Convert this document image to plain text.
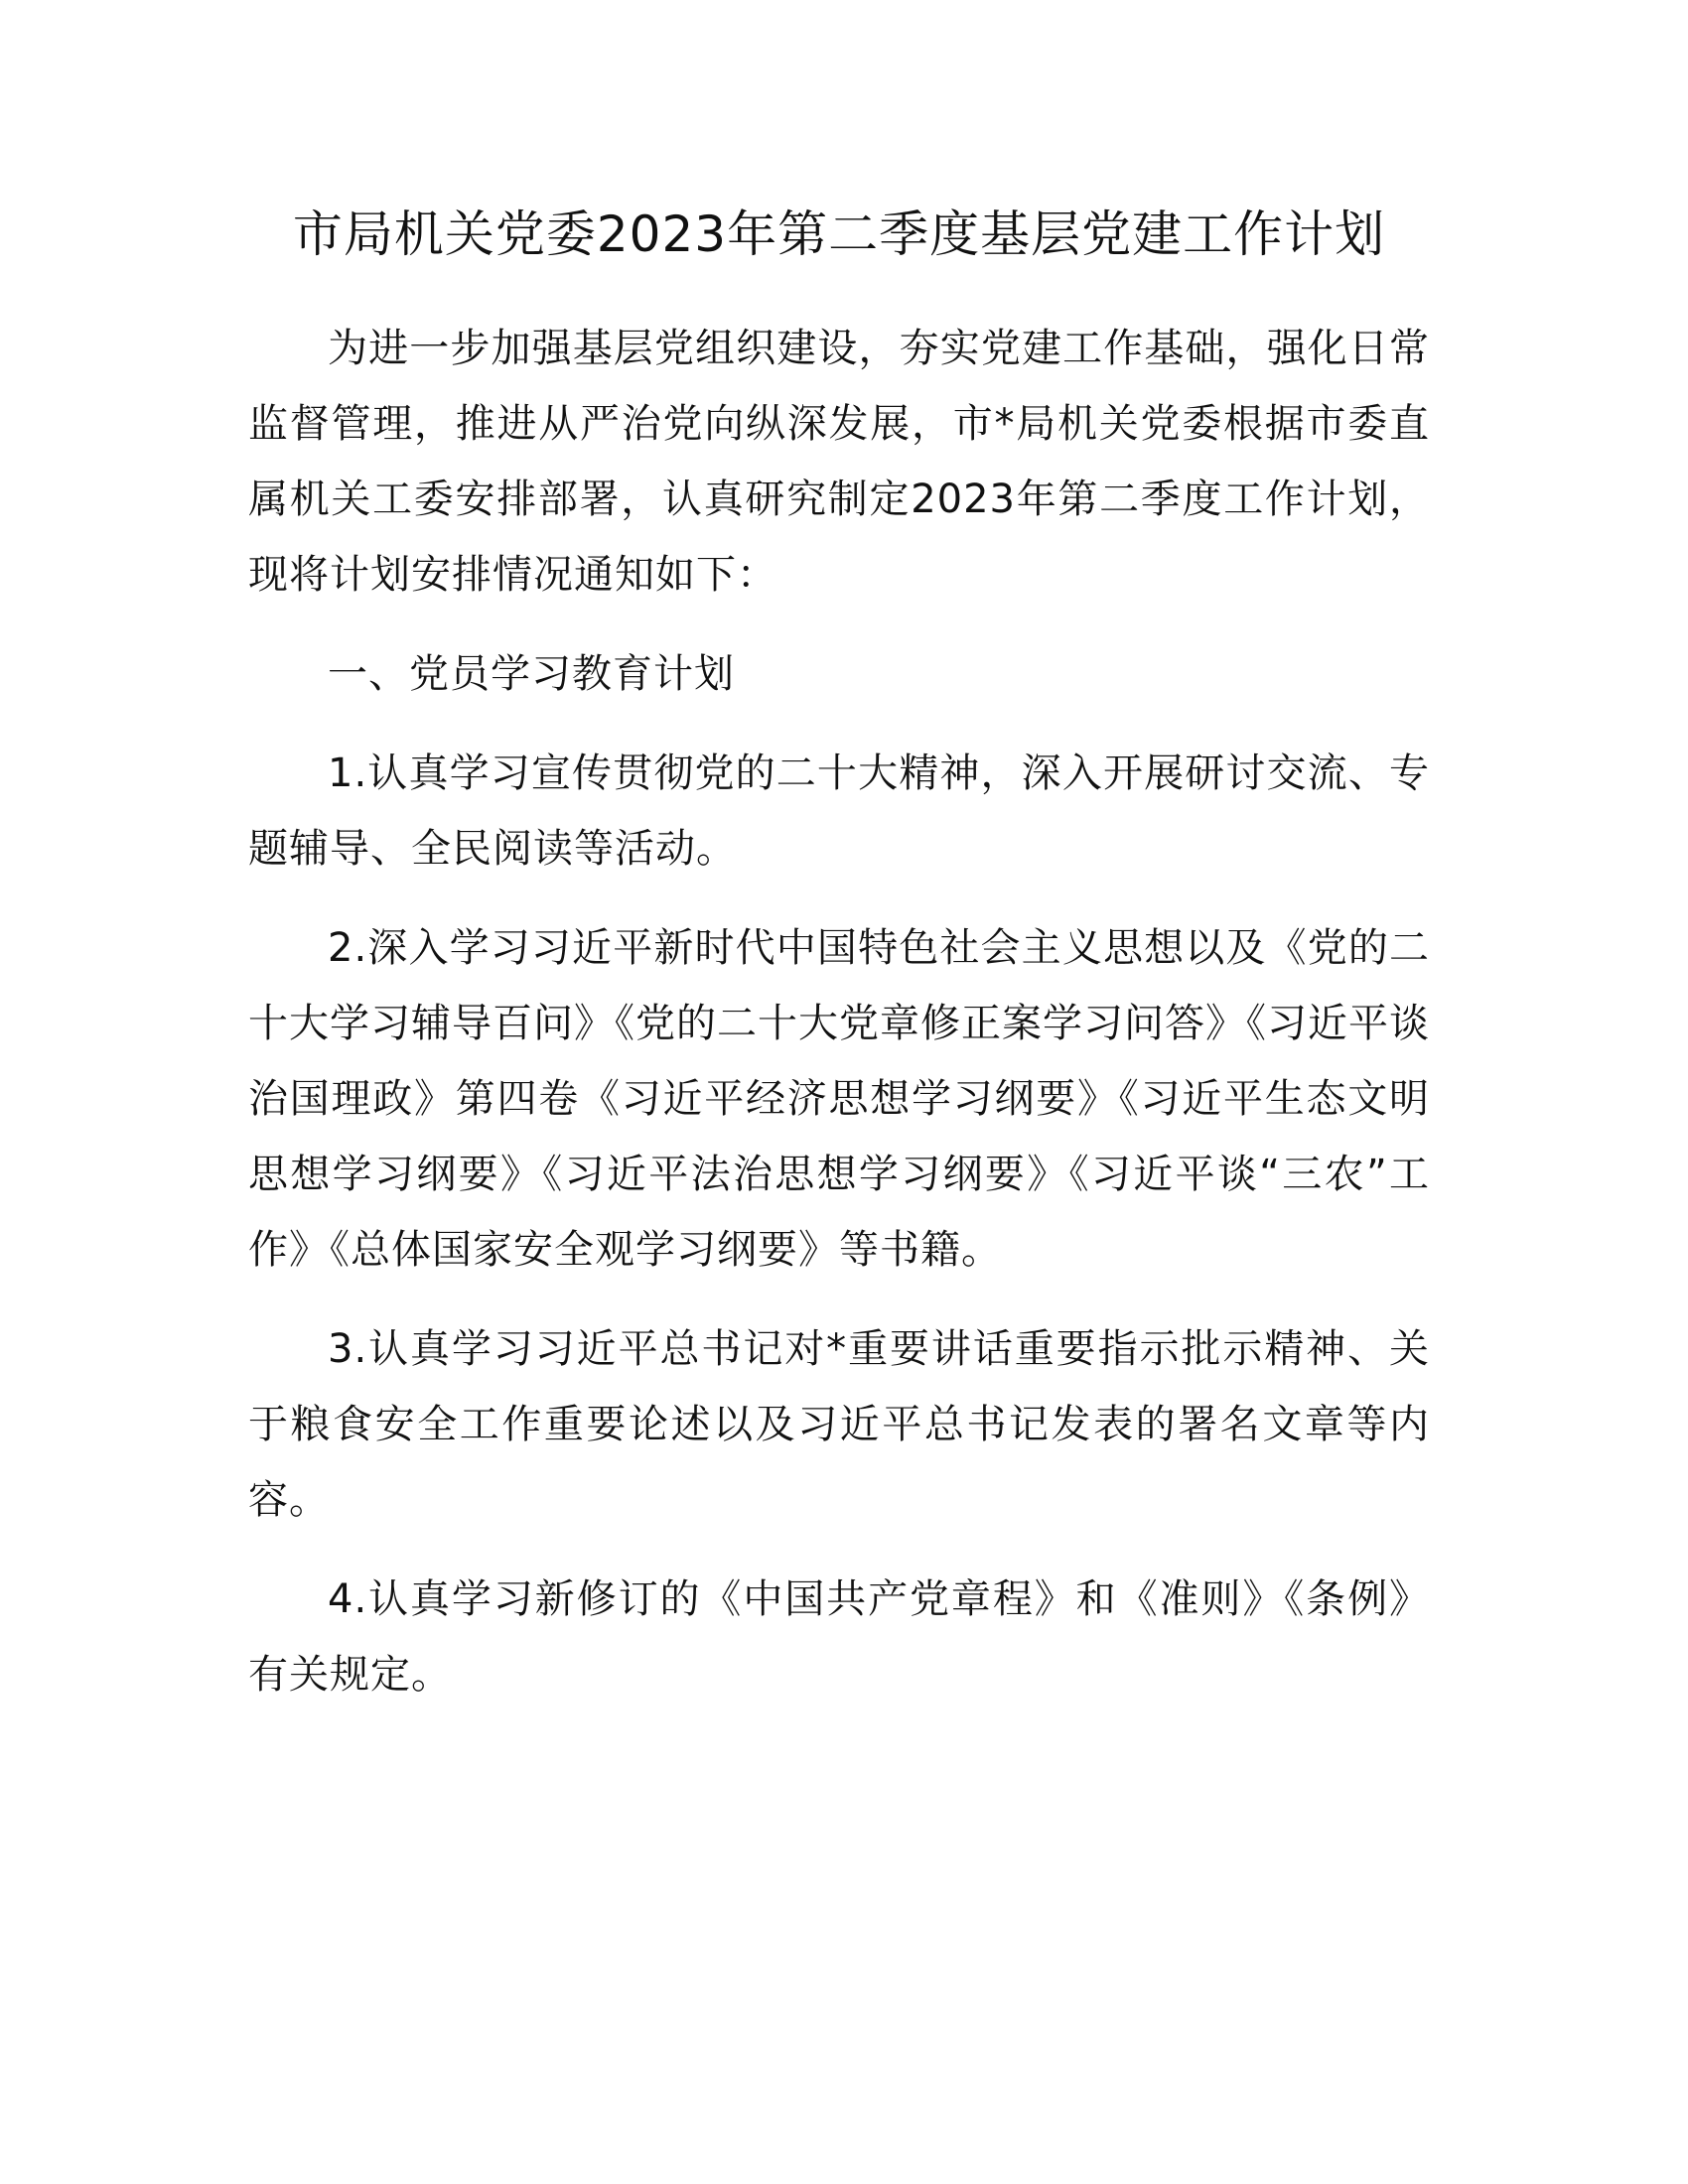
市局机关党委2023年第二季度基层党建工作计划

为进一步加强基层党组织建设，夯实党建工作基础，强化日常监督管理，推进从严治党向纵深发展，市*局机关党委根据市委直属机关工委安排部署，认真研究制定2023年第二季度工作计划，现将计划安排情况通知如下：

一、党员学习教育计划

1.认真学习宣传贯彻党的二十大精神，深入开展研讨交流、专题辅导、全民阅读等活动。

2.深入学习习近平新时代中国特色社会主义思想以及《党的二十大学习辅导百问》《党的二十大党章修正案学习问答》《习近平谈治国理政》第四卷《习近平经济思想学习纲要》《习近平生态文明思想学习纲要》《习近平法治思想学习纲要》《习近平谈“三农”工作》《总体国家安全观学习纲要》等书籍。

3.认真学习习近平总书记对*重要讲话重要指示批示精神、关于粮食安全工作重要论述以及习近平总书记发表的署名文章等内容。

4.认真学习新修订的《中国共产党章程》和《准则》《条例》有关规定。
